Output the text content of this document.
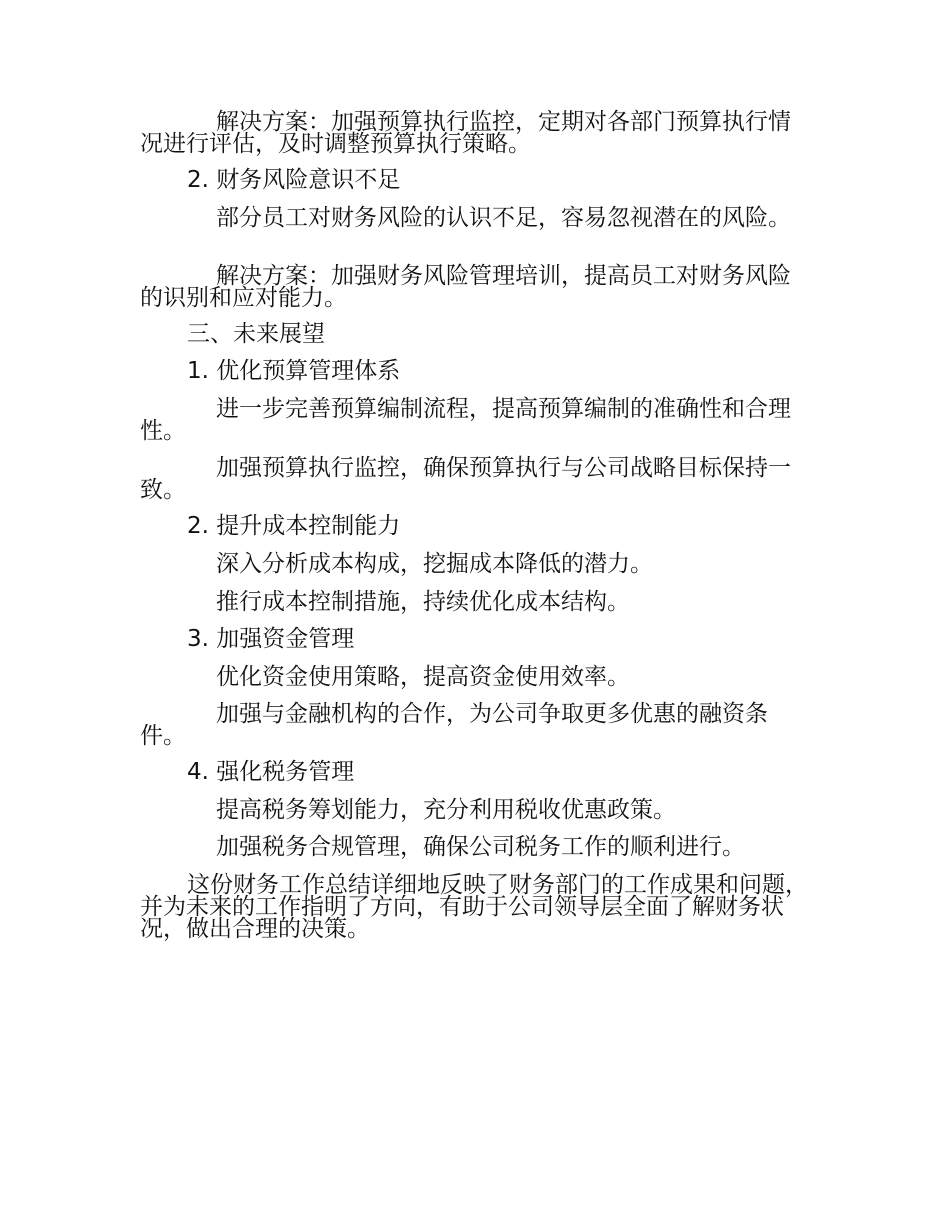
解决方案：加强预算执行监控，定期对各部门预算执行情况进行评估，及时调整预算执行策略。
2. 财务风险意识不足
部分员工对财务风险的认识不足，容易忽视潜在的风险。
解决方案：加强财务风险管理培训，提高员工对财务风险的识别和应对能力。
三、未来展望
1. 优化预算管理体系
进一步完善预算编制流程，提高预算编制的准确性和合理性。
加强预算执行监控，确保预算执行与公司战略目标保持一致。
2. 提升成本控制能力
深入分析成本构成，挖掘成本降低的潜力。
推行成本控制措施，持续优化成本结构。
3. 加强资金管理
优化资金使用策略，提高资金使用效率。
加强与金融机构的合作，为公司争取更多优惠的融资条件。
4. 强化税务管理
提高税务筹划能力，充分利用税收优惠政策。
加强税务合规管理，确保公司税务工作的顺利进行。
这份财务工作总结详细地反映了财务部门的工作成果和问题，并为未来的工作指明了方向，有助于公司领导层全面了解财务状况，做出合理的决策。
